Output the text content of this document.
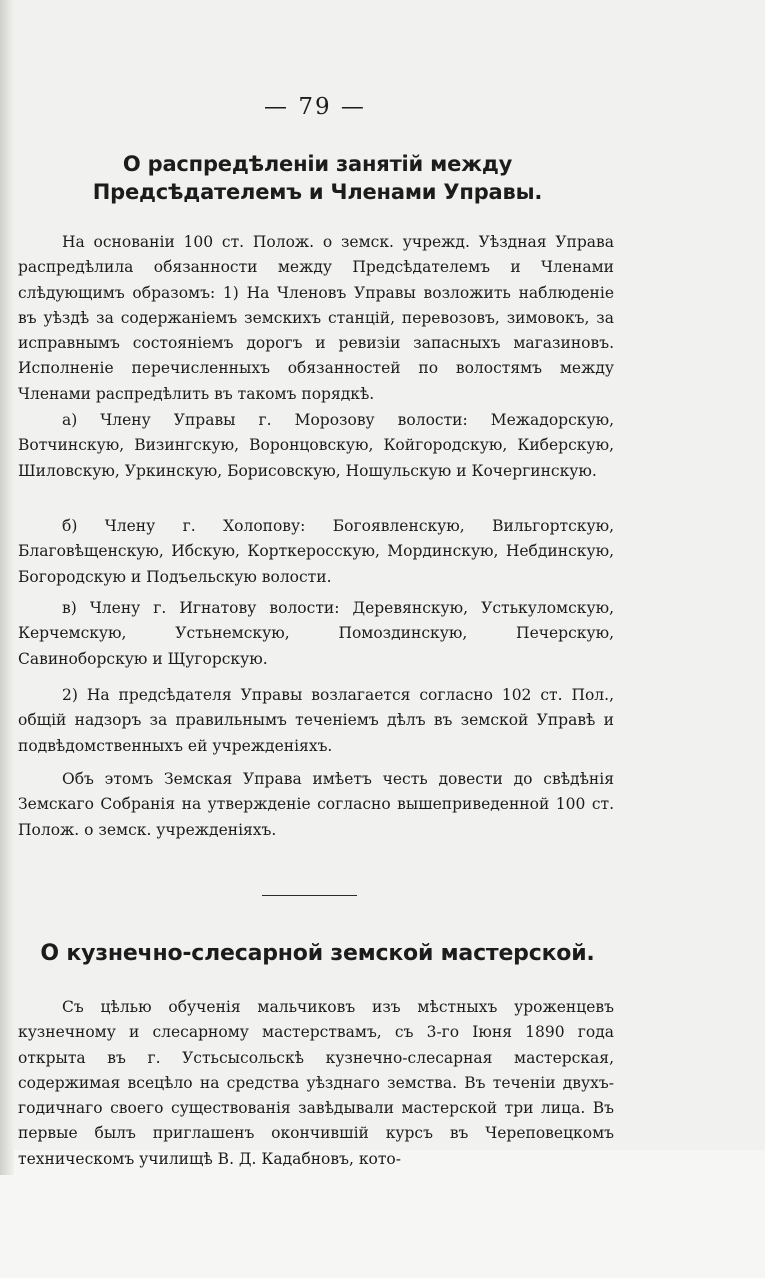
— 79 —
О распредѣленіи занятій между Предсѣдателемъ и Членами Управы.

На основаніи 100 ст. Полож. о земск. учрежд. Уѣздная Управа распредѣлила обязанности между Предсѣдателемъ и Членами слѣдующимъ образомъ: 1) На Членовъ Управы возложить наблюденіе въ уѣздѣ за содержаніемъ земскихъ станцій, перевозовъ, зимовокъ, за исправнымъ состояніемъ дорогъ и ревизіи запасныхъ магазиновъ. Исполненіе перечисленныхъ обязанностей по волостямъ между Членами распредѣлить въ такомъ порядкѣ.

а) Члену Управы г. Морозову волости: Межадорскую, Вотчинскую, Визингскую, Воронцовскую, Койгородскую, Киберскую, Шиловскую, Уркинскую, Борисовскую, Ношульскую и Кочергинскую.

б) Члену г. Холопову: Богоявленскую, Вильгортскую, Благовѣщенскую, Ибскую, Корткеросскую, Мординскую, Небдинскую, Богородскую и Подъельскую волости.

в) Члену г. Игнатову волости: Деревянскую, Устькуломскую, Керчемскую, Устьнемскую, Помоздинскую, Печерскую, Савинoборскую и Щугорскую.

2) На предсѣдателя Управы возлагается согласно 102 ст. Пол., общій надзоръ за правильнымъ теченіемъ дѣлъ въ земской Управѣ и подвѣдомственныхъ ей учрежденіяхъ.

Объ этомъ Земская Управа имѣетъ честь довести до свѣдѣнія Земскаго Собранія на утвержденіе согласно вышеприведенной 100 ст. Полож. о земск. учрежденіяхъ.

О кузнечно-слесарной земской мастерской.

Съ цѣлью обученія мальчиковъ изъ мѣстныхъ уроженцевъ кузнечному и слесарному мастерствамъ, съ 3-го Іюня 1890 года открыта въ г. Устьсысольскѣ кузнечно-слесарная мастерская, содержимая всецѣло на средства уѣзднаго земства. Въ теченіи двухъ-годичнаго своего существованія завѣдывали мастерской три лица. Въ первые былъ приглашенъ окончившій курсъ въ Череповецкомъ техническомъ училищѣ В. Д. Кадабновъ, кото-
